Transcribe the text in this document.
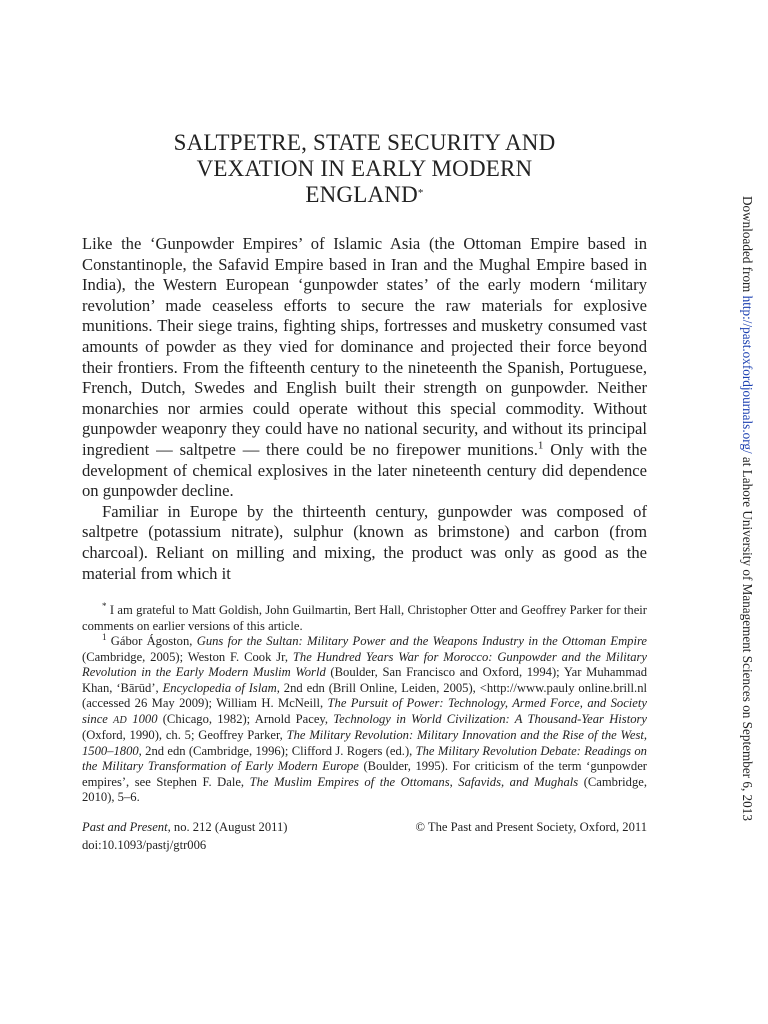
SALTPETRE, STATE SECURITY AND
VEXATION IN EARLY MODERN
ENGLAND*

Like the ‘Gunpowder Empires’ of Islamic Asia (the Ottoman Empire based in Constantinople, the Safavid Empire based in Iran and the Mughal Empire based in India), the Western European ‘gunpowder states’ of the early modern ‘military revolution’ made ceaseless efforts to secure the raw materials for explosive munitions. Their siege trains, fighting ships, fortresses and musketry consumed vast amounts of powder as they vied for dominance and projected their force beyond their frontiers. From the fifteenth century to the nineteenth the Spanish, Portuguese, French, Dutch, Swedes and English built their strength on gunpowder. Neither monarchies nor armies could operate without this special commodity. Without gunpowder weaponry they could have no national security, and without its principal ingredient — saltpetre — there could be no firepower munitions.$^1$ Only with the development of chemical explosives in the later nineteenth century did dependence on gunpowder decline.

Familiar in Europe by the thirteenth century, gunpowder was composed of saltpetre (potassium nitrate), sulphur (known as brimstone) and carbon (from charcoal). Reliant on milling and mixing, the product was only as good as the material from which it

* I am grateful to Matt Goldish, John Guilmartin, Bert Hall, Christopher Otter and Geoffrey Parker for their comments on earlier versions of this article.

$^1$ Gábor Ágoston, Guns for the Sultan: Military Power and the Weapons Industry in the Ottoman Empire (Cambridge, 2005); Weston F. Cook Jr, The Hundred Years War for Morocco: Gunpowder and the Military Revolution in the Early Modern Muslim World (Boulder, San Francisco and Oxford, 1994); Yar Muhammad Khan, ‘Bārūd’, Encyclopedia of Islam, 2nd edn (Brill Online, Leiden, 2005), <http://www.pauly online.brill.nl (accessed 26 May 2009); William H. McNeill, The Pursuit of Power: Technology, Armed Force, and Society since AD 1000 (Chicago, 1982); Arnold Pacey, Technology in World Civilization: A Thousand-Year History (Oxford, 1990), ch. 5; Geoffrey Parker, The Military Revolution: Military Innovation and the Rise of the West, 1500–1800, 2nd edn (Cambridge, 1996); Clifford J. Rogers (ed.), The Military Revolution Debate: Readings on the Military Transformation of Early Modern Europe (Boulder, 1995). For criticism of the term ‘gunpowder empires’, see Stephen F. Dale, The Muslim Empires of the Ottomans, Safavids, and Mughals (Cambridge, 2010), 5–6.

Past and Present, no. 212 (August 2011)	© The Past and Present Society, Oxford, 2011
doi:10.1093/pastj/gtr006
Downloaded from http://past.oxfordjournals.org/ at Lahore University of Management Sciences on September 6, 2013
